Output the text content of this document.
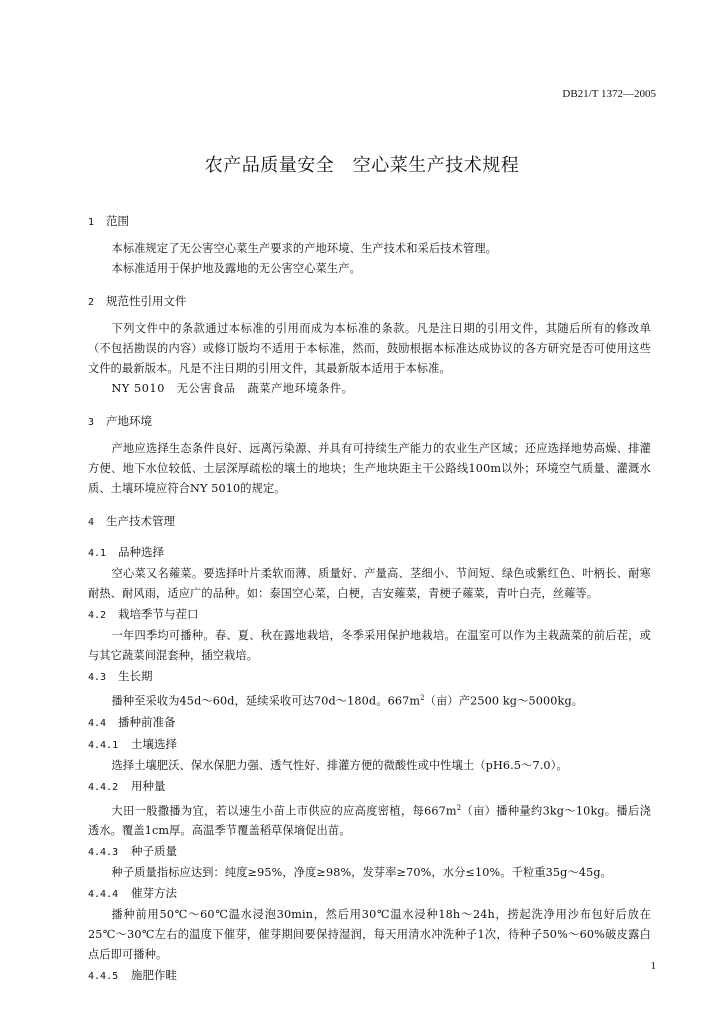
DB21/T 1372—2005
农产品质量安全　空心菜生产技术规程
1 范围

本标准规定了无公害空心菜生产要求的产地环境、生产技术和采后技术管理。

本标准适用于保护地及露地的无公害空心菜生产。

2 规范性引用文件

下列文件中的条款通过本标准的引用而成为本标准的条款。凡是注日期的引用文件，其随后所有的修改单（不包括勘误的内容）或修订版均不适用于本标准，然而，鼓励根据本标准达成协议的各方研究是否可使用这些文件的最新版本。凡是不注日期的引用文件，其最新版本适用于本标准。

NY 5010　无公害食品　蔬菜产地环境条件。

3 产地环境

产地应选择生态条件良好、远离污染源、并具有可持续生产能力的农业生产区域；还应选择地势高燥、排灌方便、地下水位较低、土层深厚疏松的壤土的地块；生产地块距主干公路线100m以外；环境空气质量、灌溉水质、土壤环境应符合NY 5010的规定。

4 生产技术管理
4.1 品种选择

空心菜又名蕹菜。要选择叶片柔软而薄、质量好、产量高、茎细小、节间短、绿色或紫红色、叶柄长、耐寒耐热、耐风雨，适应广的品种。如：泰国空心菜，白梗，吉安蕹菜，青梗子蕹菜，青叶白壳，丝蕹等。

4.2 栽培季节与茬口

一年四季均可播种。春、夏、秋在露地栽培，冬季采用保护地栽培。在温室可以作为主栽蔬菜的前后茬，或与其它蔬菜间混套种，插空栽培。

4.3 生长期

播种至采收为45d～60d，延续采收可达70d～180d。$667m^2$（亩）产2500 kg～5000kg。

4.4 播种前准备
4.4.1 土壤选择

选择土壤肥沃、保水保肥力强、透气性好、排灌方便的微酸性或中性壤土（pH6.5～7.0）。

4.4.2 用种量

大田一般撒播为宜，若以速生小苗上市供应的应高度密植，每$667m^2$（亩）播种量约3kg～10kg。播后浇透水。覆盖1cm厚。高温季节覆盖稻草保墒促出苗。

4.4.3 种子质量

种子质量指标应达到：纯度≥95%，净度≥98%，发芽率≥70%，水分≤10%。千粒重35g～45g。

4.4.4 催芽方法

播种前用50℃～60℃温水浸泡30min，然后用30℃温水浸种18h～24h，捞起洗净用沙布包好后放在25℃～30℃左右的温度下催芽，催芽期间要保持湿润，每天用清水冲洗种子1次，待种子50%～60%破皮露白点后即可播种。

4.4.5 施肥作畦
1
